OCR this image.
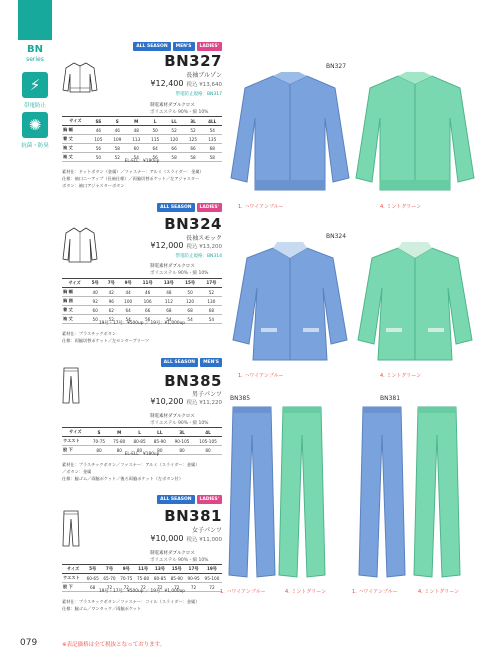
BN
series
⚡
帯電防止
✺
抗菌・防臭
ALL SEASON	MEN'S	LADIES'
BN327
長袖ブルゾン
¥12,400 税込 ¥13,640
帯電防止規格：BN317
制電素材ダブルクロス
ポリエステル 90%・綿 10%
サイズ	SS	S	M	L	LL	3L	4LL
胸 幅	46	46	48	50	52	52	54
着 丈	105	109	113	115	120	125	135
袖 丈	56	58	60	64	66	66	68
袖 丈	50	52	54	56	58	58	58
EL-ELL：¥180up
素材仕：ドットボタン（金属）／ファスナー：アルミ（スライダー：金属）
仕様：袖口ニーアップ（長袖仕様）／両脇切替ポケット／左アジャスター
ボタン：袖口アジャスターボタン
ALL SEASON	LADIES'
BN324
長袖スモック
¥12,000 税込 ¥13,200
帯電防止規格：BN314
制電素材ダブルクロス
ポリエステル 90%・綿 10%
サイズ	5号	7号	9号	11号	13号	15号	17号
胸 幅	40	42	44	46	48	50	52
胸 囲	92	96	100	106	112	120	130
着 丈	60	62	64	66	68	68	68
袖 丈	50	52	54	56	54	54	54
19号・17号：¥500up ／ 19号：¥1,000up
素材仕：プラスチックボタン
仕様：両脇切替ポケット／左センターブリーツ
ALL SEASON	MEN'S
BN385
男子パンツ
¥10,200 税込 ¥11,220
制電素材ダブルクロス
ポリエステル 90%・綿 10%
サイズ	S	M	L	LL	3L	4L
ウエスト	70-75	75-80	80-85	85-90	90-105	105-105
股 下	80	80	80	80	80	80
EL-ELL：¥180up
素材仕：プラスチックボタン／ファスナー：アルミ（スライダー：金属）
／ボタン：金属
仕様：脇ゴム／両脇ポケット／後ろ両脇ポケット（左ボタン付）
ALL SEASON	LADIES'
BN381
女子パンツ
¥10,000 税込 ¥11,000
制電素材ダブルクロス
ポリエステル 90%・綿 10%
サイズ	5号	7号	9号	11号	13号	15号	17号	19号
ウエスト	60-65	65-70	70-75	75-80	80-85	85-90	90-95	95-100
股 下	68	72	72	72	72	72	72	72
19号・17号：¥500up ／ 19号：¥1,000up
素材仕：プラスチックボタン／ファスナー：コイル（スライダー：金属）
仕様：脇ゴム／ワンタック／両脇ポケット
BN327
1. ハワイアンブルー	4. ミントグリーン
BN324
1. ハワイアンブルー	4. ミントグリーン
BN385
1. ハワイアンブルー	4. ミントグリーン
BN381
1. ハワイアンブルー	4. ミントグリーン
079	※表記価格は全て税抜となっております。
